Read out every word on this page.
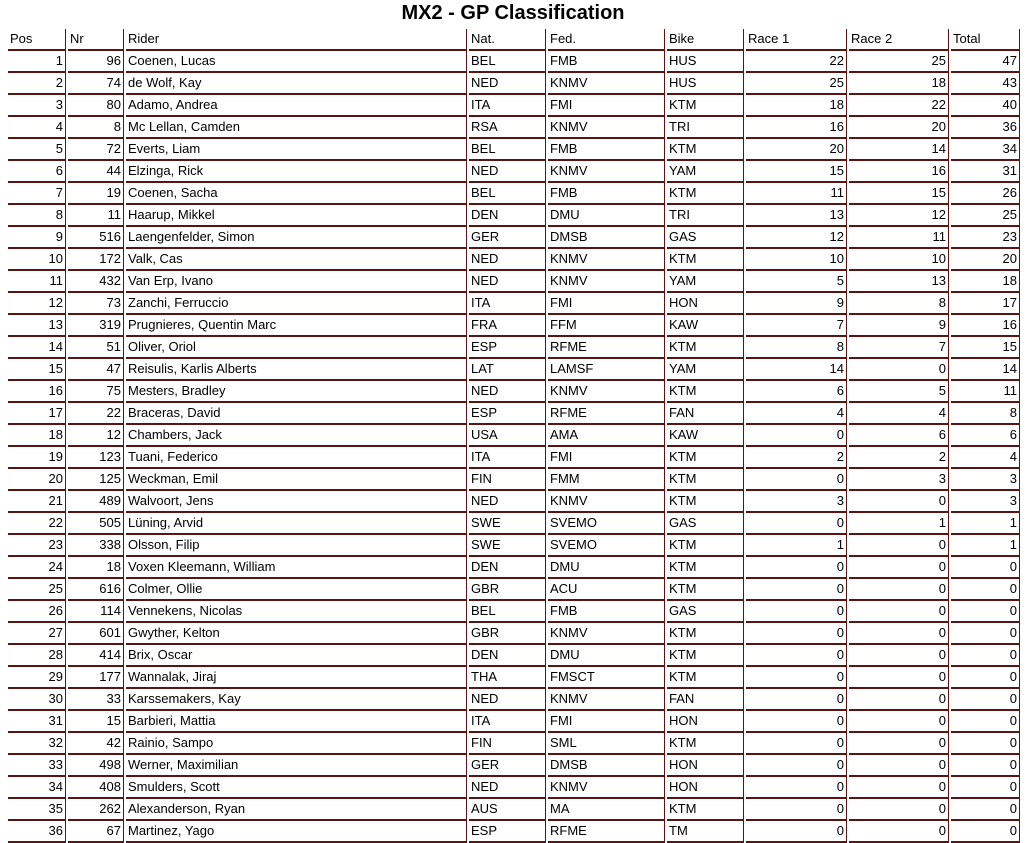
MX2 - GP Classification
Pos	Nr	Rider	Nat.	Fed.	Bike	Race 1	Race 2	Total
1	96	Coenen, Lucas	BEL	FMB	HUS	22	25	47
2	74	de Wolf, Kay	NED	KNMV	HUS	25	18	43
3	80	Adamo, Andrea	ITA	FMI	KTM	18	22	40
4	8	Mc Lellan, Camden	RSA	KNMV	TRI	16	20	36
5	72	Everts, Liam	BEL	FMB	KTM	20	14	34
6	44	Elzinga, Rick	NED	KNMV	YAM	15	16	31
7	19	Coenen, Sacha	BEL	FMB	KTM	11	15	26
8	11	Haarup, Mikkel	DEN	DMU	TRI	13	12	25
9	516	Laengenfelder, Simon	GER	DMSB	GAS	12	11	23
10	172	Valk, Cas	NED	KNMV	KTM	10	10	20
11	432	Van Erp, Ivano	NED	KNMV	YAM	5	13	18
12	73	Zanchi, Ferruccio	ITA	FMI	HON	9	8	17
13	319	Prugnieres, Quentin Marc	FRA	FFM	KAW	7	9	16
14	51	Oliver, Oriol	ESP	RFME	KTM	8	7	15
15	47	Reisulis, Karlis Alberts	LAT	LAMSF	YAM	14	0	14
16	75	Mesters, Bradley	NED	KNMV	KTM	6	5	11
17	22	Braceras, David	ESP	RFME	FAN	4	4	8
18	12	Chambers, Jack	USA	AMA	KAW	0	6	6
19	123	Tuani, Federico	ITA	FMI	KTM	2	2	4
20	125	Weckman, Emil	FIN	FMM	KTM	0	3	3
21	489	Walvoort, Jens	NED	KNMV	KTM	3	0	3
22	505	Lüning, Arvid	SWE	SVEMO	GAS	0	1	1
23	338	Olsson, Filip	SWE	SVEMO	KTM	1	0	1
24	18	Voxen Kleemann, William	DEN	DMU	KTM	0	0	0
25	616	Colmer, Ollie	GBR	ACU	KTM	0	0	0
26	114	Vennekens, Nicolas	BEL	FMB	GAS	0	0	0
27	601	Gwyther, Kelton	GBR	KNMV	KTM	0	0	0
28	414	Brix, Oscar	DEN	DMU	KTM	0	0	0
29	177	Wannalak, Jiraj	THA	FMSCT	KTM	0	0	0
30	33	Karssemakers, Kay	NED	KNMV	FAN	0	0	0
31	15	Barbieri, Mattia	ITA	FMI	HON	0	0	0
32	42	Rainio, Sampo	FIN	SML	KTM	0	0	0
33	498	Werner, Maximilian	GER	DMSB	HON	0	0	0
34	408	Smulders, Scott	NED	KNMV	HON	0	0	0
35	262	Alexanderson, Ryan	AUS	MA	KTM	0	0	0
36	67	Martinez, Yago	ESP	RFME	TM	0	0	0
